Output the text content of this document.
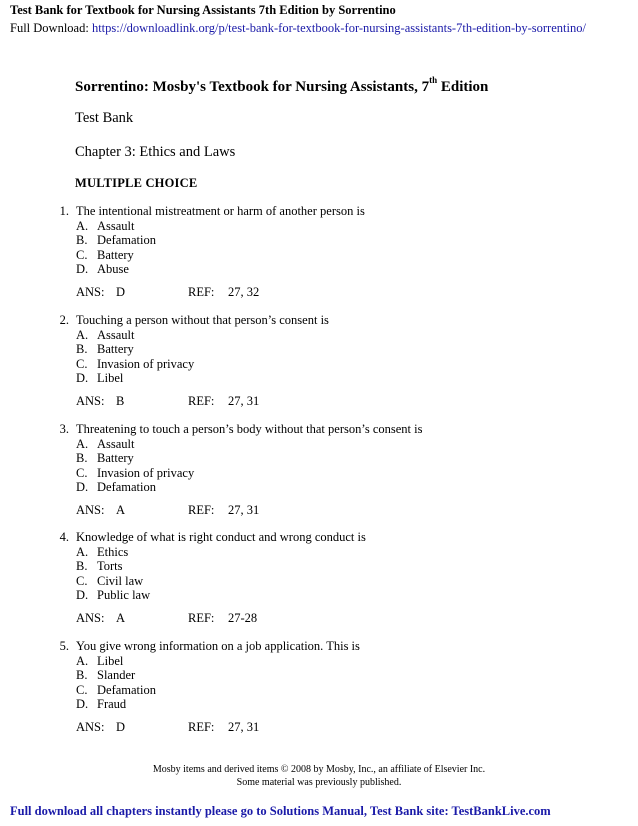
Test Bank for Textbook for Nursing Assistants 7th Edition by Sorrentino
Full Download: https://downloadlink.org/p/test-bank-for-textbook-for-nursing-assistants-7th-edition-by-sorrentino/
Sorrentino: Mosby's Textbook for Nursing Assistants, 7th Edition
Test Bank
Chapter 3: Ethics and Laws
MULTIPLE CHOICE
1. The intentional mistreatment or harm of another person is
A. Assault
B. Defamation
C. Battery
D. Abuse
ANS: D	REF: 27, 32
2. Touching a person without that person’s consent is
A. Assault
B. Battery
C. Invasion of privacy
D. Libel
ANS: B	REF: 27, 31
3. Threatening to touch a person’s body without that person’s consent is
A. Assault
B. Battery
C. Invasion of privacy
D. Defamation
ANS: A	REF: 27, 31
4. Knowledge of what is right conduct and wrong conduct is
A. Ethics
B. Torts
C. Civil law
D. Public law
ANS: A	REF: 27-28
5. You give wrong information on a job application. This is
A. Libel
B. Slander
C. Defamation
D. Fraud
ANS: D	REF: 27, 31
Mosby items and derived items © 2008 by Mosby, Inc., an affiliate of Elsevier Inc.
Some material was previously published.
Full download all chapters instantly please go to Solutions Manual, Test Bank site: TestBankLive.com
